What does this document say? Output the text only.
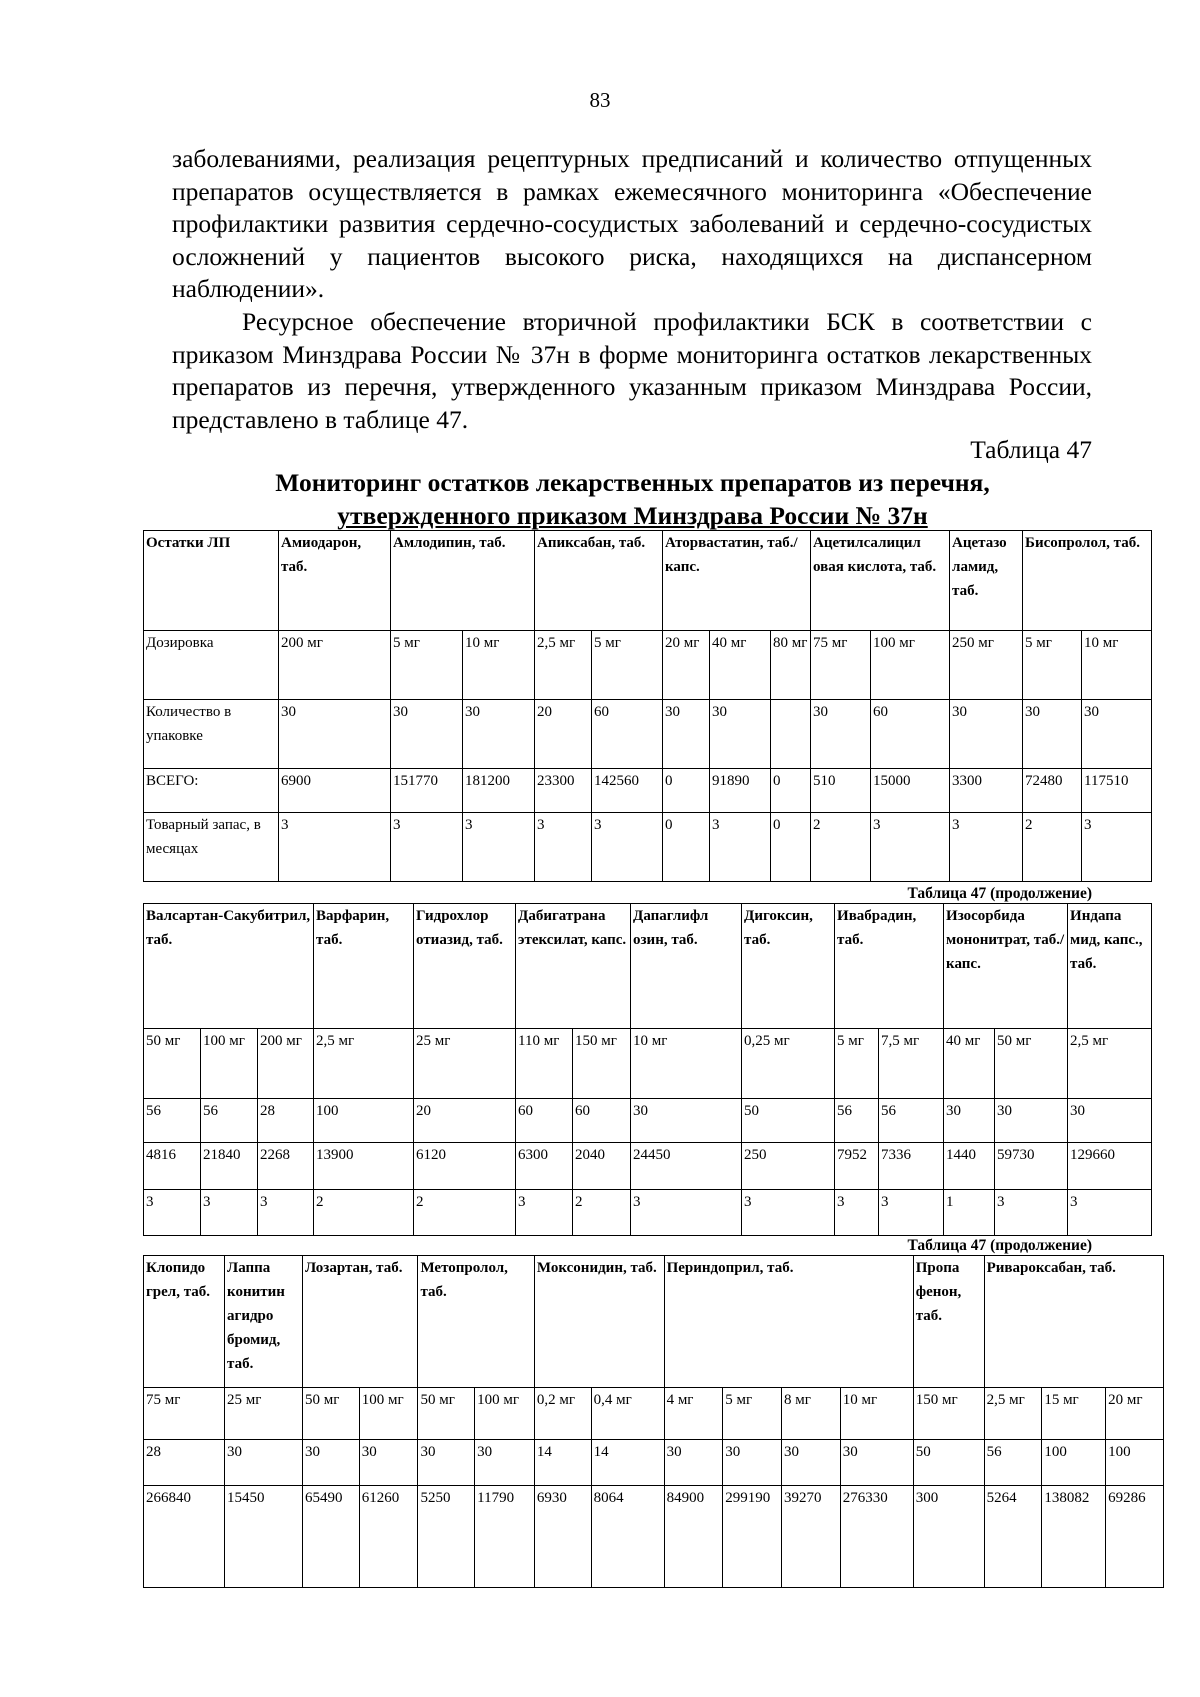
83
заболеваниями, реализация рецептурных предписаний и количество отпущенных препаратов осуществляется в рамках ежемесячного мониторинга «Обеспечение профилактики развития сердечно-сосудистых заболеваний и сердечно-сосудистых осложнений у пациентов высокого риска, находящихся на диспансерном наблюдении».
Ресурсное обеспечение вторичной профилактики БСК в соответствии с приказом Минздрава России № 37н в форме мониторинга остатков лекарственных препаратов из перечня, утвержденного указанным приказом Минздрава России, представлено в таблице 47.
Таблица 47
Мониторинг остатков лекарственных препаратов из перечня,
утвержденного приказом Минздрава России № 37н
Остатки ЛП	Амиодарон, таб.	Амлодипин, таб.		Апиксабан, таб.		Аторвастатин, таб./капс.			Ацетилсалицил овая кислота, таб.		Ацетазо ламид, таб.	Бисопролол, таб.	
Дозировка	200 мг	5 мг	10 мг	2,5 мг	5 мг	20 мг	40 мг	80 мг	75 мг	100 мг	250 мг	5 мг	10 мг
Количество в упаковке	30	30	30	20	60	30	30		30	60	30	30	30
ВСЕГО:	6900	151770	181200	23300	142560	0	91890	0	510	15000	3300	72480	117510
Товарный запас, в месяцах	3	3	3	3	3	0	3	0	2	3	3	2	3
Таблица 47 (продолжение)
Валсартан-Сакубитрил, таб.			Варфарин, таб.	Гидрохлор отиазид, таб.	Дабигатрана этексилат, капс.		Дапаглифл озин, таб.	Дигоксин, таб.	Ивабрадин, таб.		Изосорбида мононитрат, таб./капс.		Индапа мид, капс., таб.
50 мг	100 мг	200 мг	2,5 мг	25 мг	110 мг	150 мг	10 мг	0,25 мг	5 мг	7,5 мг	40 мг	50 мг	2,5 мг
56	56	28	100	20	60	60	30	50	56	56	30	30	30
4816	21840	2268	13900	6120	6300	2040	24450	250	7952	7336	1440	59730	129660
3	3	3	2	2	3	2	3	3	3	3	1	3	3
Таблица 47 (продолжение)
Клопидо грел, таб.	Лаппа конитин агидро бромид, таб.	Лозартан, таб.		Метопролол, таб.		Моксонидин, таб.		Периндоприл, таб.				Пропа фенон, таб.	Ривароксабан, таб.		
75 мг	25 мг	50 мг	100 мг	50 мг	100 мг	0,2 мг	0,4 мг	4 мг	5 мг	8 мг	10 мг	150 мг	2,5 мг	15 мг	20 мг
28	30	30	30	30	30	14	14	30	30	30	30	50	56	100	100
266840	15450	65490	61260	5250	11790	6930	8064	84900	299190	39270	276330	300	5264	138082	69286
